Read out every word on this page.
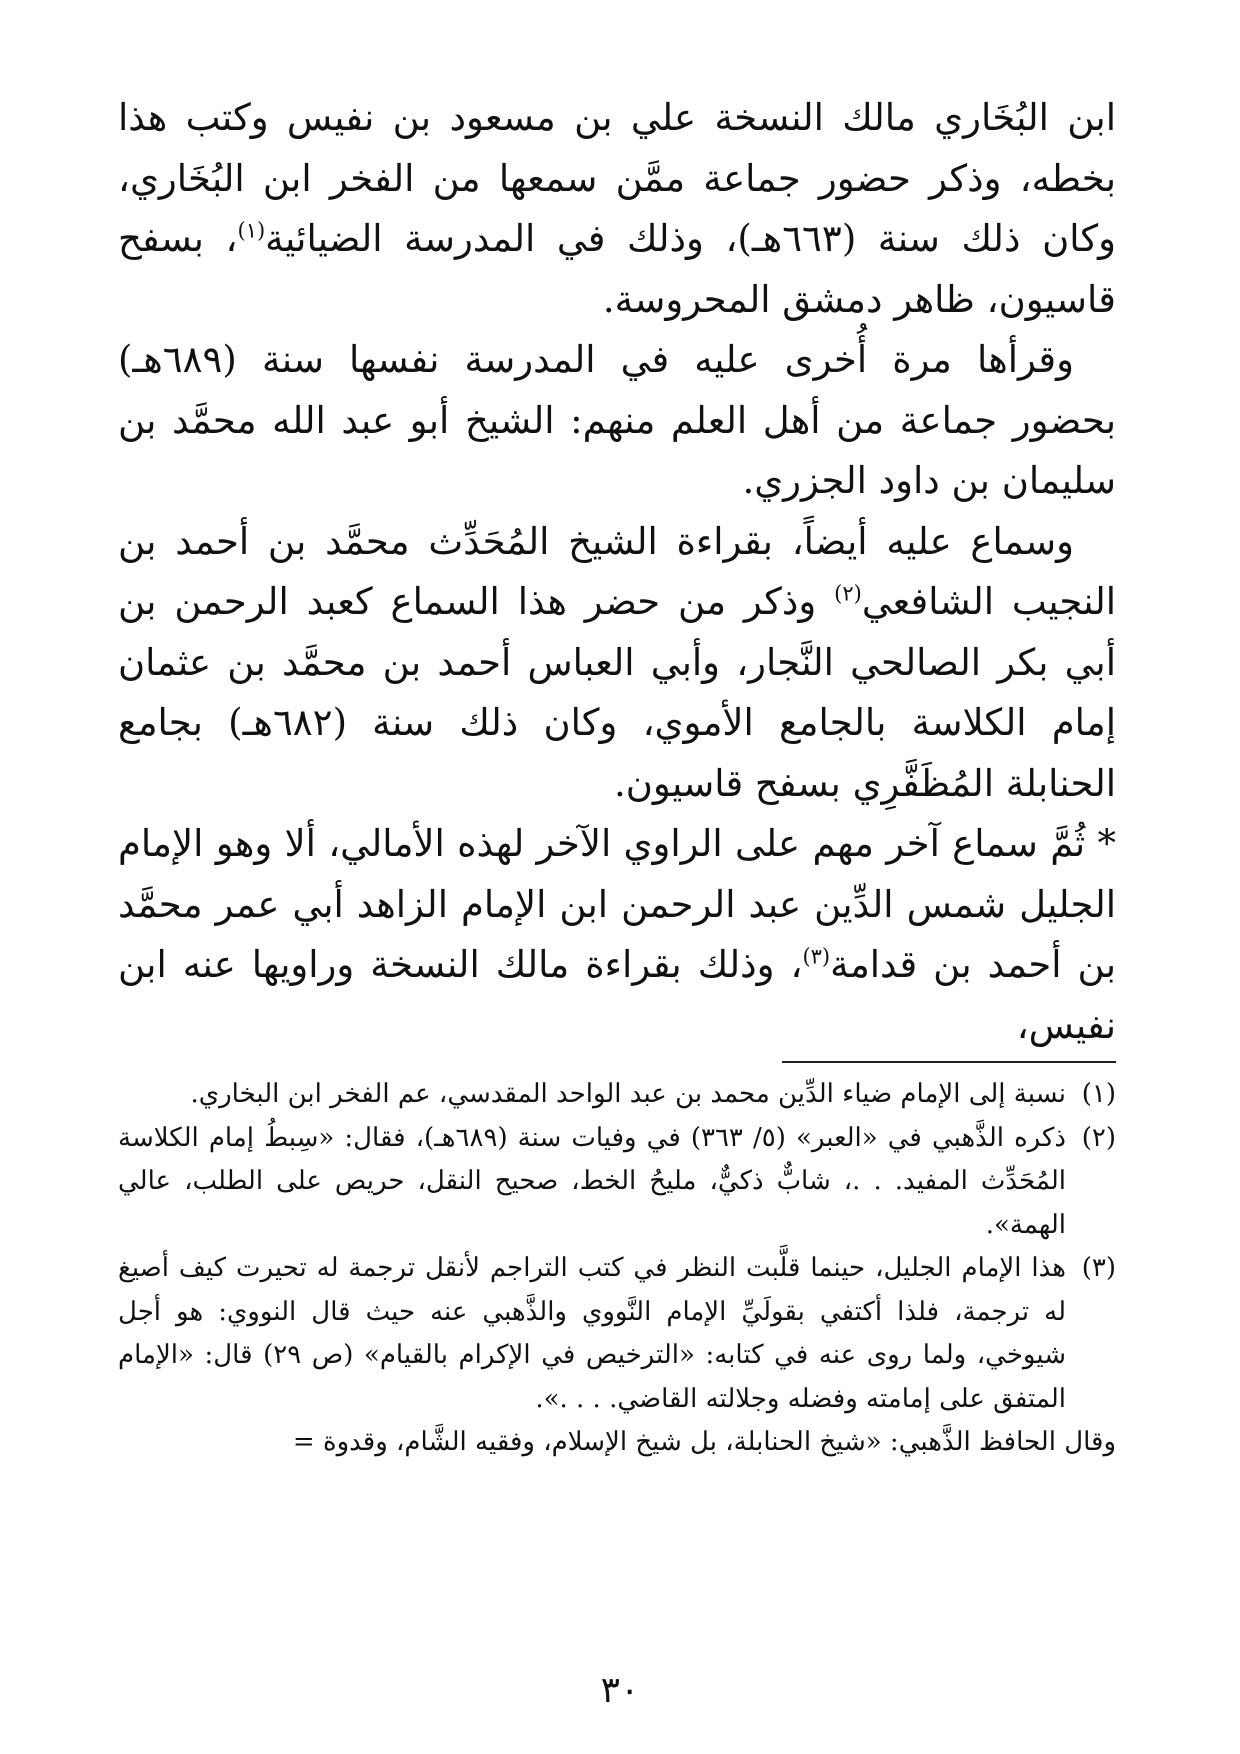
ابن البُخَاري مالك النسخة علي بن مسعود بن نفيس وكتب هذا بخطه، وذكر حضور جماعة ممَّن سمعها من الفخر ابن البُخَاري، وكان ذلك سنة (٦٦٣هـ)، وذلك في المدرسة الضيائية$^{(١)}$، بسفح قاسيون، ظاهر دمشق المحروسة.

وقرأها مرة أُخرى عليه في المدرسة نفسها سنة (٦٨٩هـ) بحضور جماعة من أهل العلم منهم: الشيخ أبو عبد الله محمَّد بن سليمان بن داود الجزري.

وسماع عليه أيضاً، بقراءة الشيخ المُحَدِّث محمَّد بن أحمد بن النجيب الشافعي$^{(٢)}$ وذكر من حضر هذا السماع كعبد الرحمن بن أبي بكر الصالحي النَّجار، وأبي العباس أحمد بن محمَّد بن عثمان إمام الكلاسة بالجامع الأموي، وكان ذلك سنة (٦٨٢هـ) بجامع الحنابلة المُظَفَّرِي بسفح قاسيون.

* ثُمَّ سماع آخر مهم على الراوي الآخر لهذه الأمالي، ألا وهو الإمام الجليل شمس الدِّين عبد الرحمن ابن الإمام الزاهد أبي عمر محمَّد بن أحمد بن قدامة$^{(٣)}$، وذلك بقراءة مالك النسخة وراويها عنه ابن نفيس،

(١)
نسبة إلى الإمام ضياء الدِّين محمد بن عبد الواحد المقدسي، عم الفخر ابن البخاري.
(٢)
ذكره الذَّهبي في «العبر» (٥/ ٣٦٣) في وفيات سنة (٦٨٩هـ)، فقال: «سِبطُ إمام الكلاسة المُحَدِّث المفيد. . .، شابٌّ ذكيٌّ، مليحُ الخط، صحيح النقل، حريص على الطلب، عالي الهمة».
(٣)
هذا الإمام الجليل، حينما قلَّبت النظر في كتب التراجم لأنقل ترجمة له تحيرت كيف أصيغ له ترجمة، فلذا أكتفي بقولَيِّ الإمام النَّووي والذَّهبي عنه حيث قال النووي: هو أجل شيوخي، ولما روى عنه في كتابه: «الترخيص في الإكرام بالقيام» (ص ٢٩) قال: «الإمام المتفق على إمامته وفضله وجلالته القاضي. . . .».
وقال الحافظ الذَّهبي: «شيخ الحنابلة، بل شيخ الإسلام، وفقيه الشَّام، وقدوة =
٣٠
